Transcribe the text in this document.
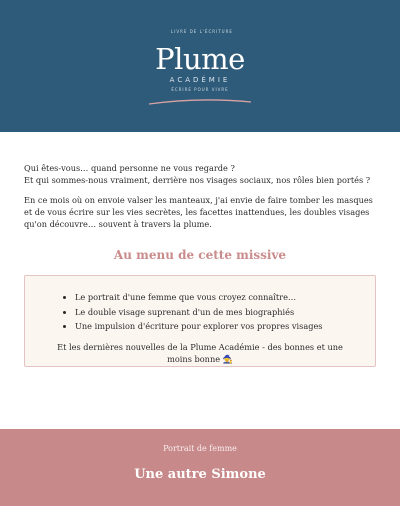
LIVRE DE L'ÉCRITURE
Plume
ACADÉMIE
ÉCRIRE POUR VIVRE

Qui êtes-vous… quand personne ne vous regarde ?
Et qui sommes-nous vraiment, derrière nos visages sociaux, nos rôles bien portés ?

En ce mois où on envoie valser les manteaux, j'ai envie de faire tomber les masques et de vous écrire sur les vies secrètes, les facettes inattendues, les doubles visages qu'on découvre… souvent à travers la plume.

Au menu de cette missive
• Le portrait d'une femme que vous croyez connaître…
• Le double visage suprenant d'un de mes biographiés
• Une impulsion d'écriture pour explorer vos propres visages
Et les dernières nouvelles de la Plume Académie - des bonnes et une moins bonne 🧙
Portrait de femme
Une autre Simone
